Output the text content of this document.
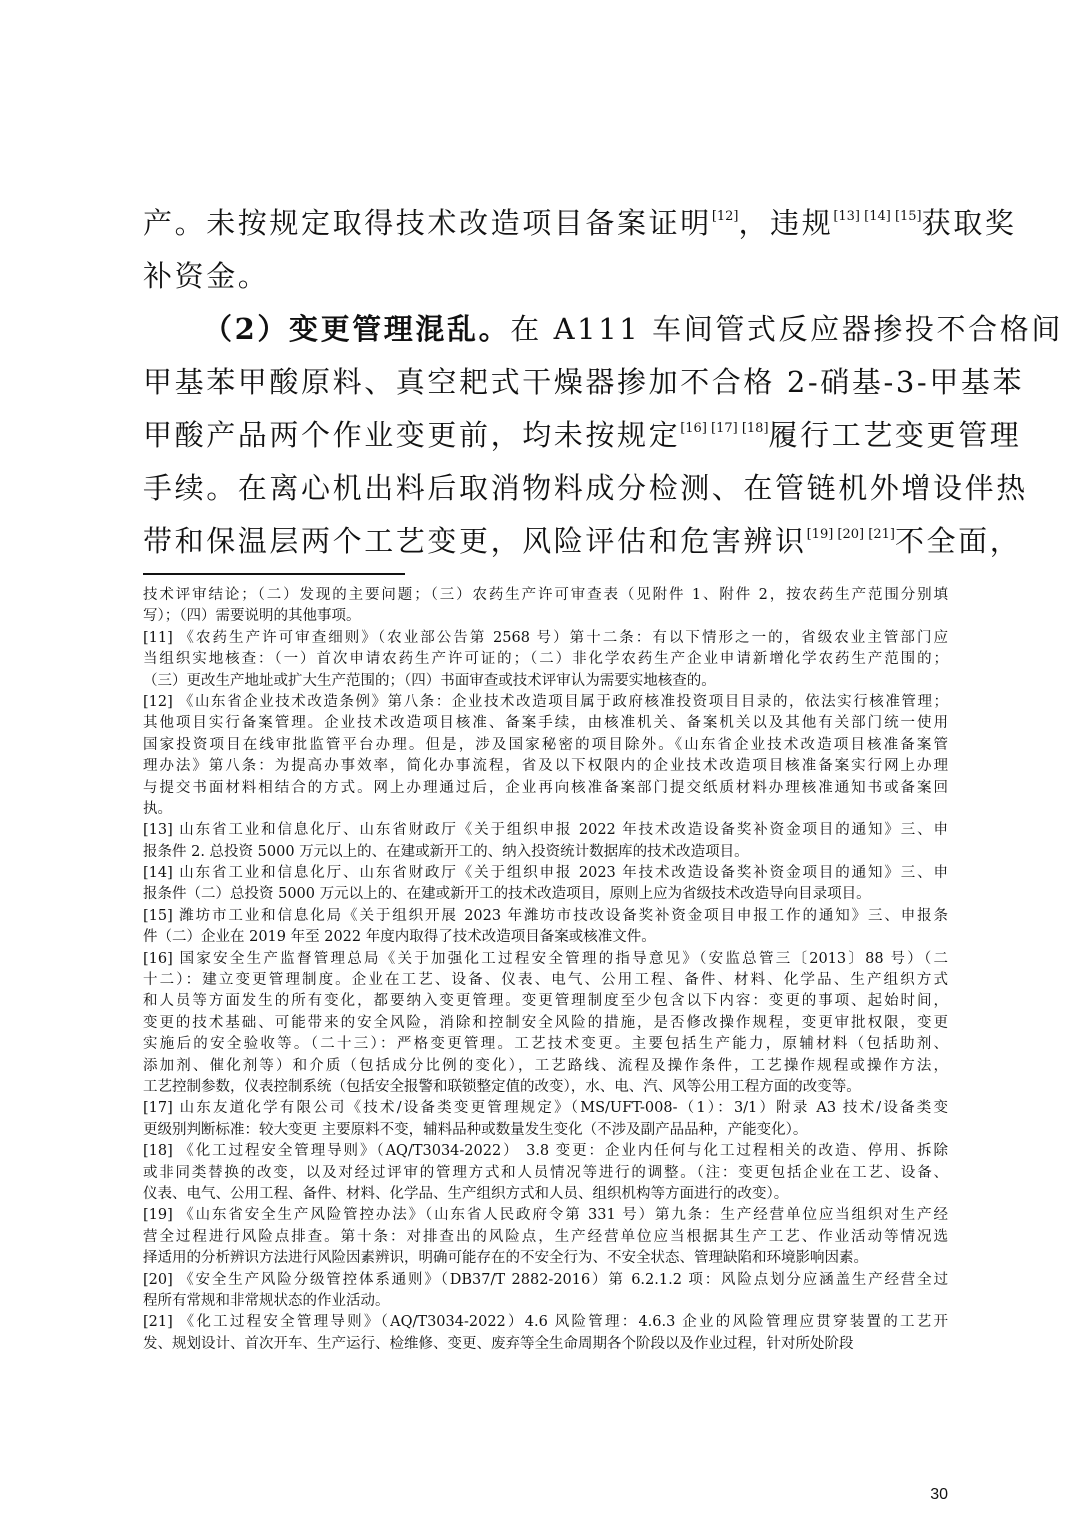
产。未按规定取得技术改造项目备案证明[12]，违规[13] [14] [15]获取奖
补资金。
（2）变更管理混乱。在 A111 车间管式反应器掺投不合格间
甲基苯甲酸原料、真空耙式干燥器掺加不合格 2-硝基-3-甲基苯
甲酸产品两个作业变更前，均未按规定[16] [17] [18]履行工艺变更管理
手续。在离心机出料后取消物料成分检测、在管链机外增设伴热
带和保温层两个工艺变更，风险评估和危害辨识[19] [20] [21]不全面，
技术评审结论；（二）发现的主要问题；（三）农药生产许可审查表（见附件 1、附件 2，按农药生产范围分别填
写）；（四）需要说明的其他事项。
[11] 《农药生产许可审查细则》（农业部公告第 2568 号）第十二条：有以下情形之一的，省级农业主管部门应
当组织实地核查：（一）首次申请农药生产许可证的；（二）非化学农药生产企业申请新增化学农药生产范围的；
（三）更改生产地址或扩大生产范围的；（四）书面审查或技术评审认为需要实地核查的。
[12] 《山东省企业技术改造条例》第八条：企业技术改造项目属于政府核准投资项目目录的，依法实行核准管理；
其他项目实行备案管理。企业技术改造项目核准、备案手续，由核准机关、备案机关以及其他有关部门统一使用
国家投资项目在线审批监管平台办理。但是，涉及国家秘密的项目除外。《山东省企业技术改造项目核准备案管
理办法》第八条：为提高办事效率，简化办事流程，省及以下权限内的企业技术改造项目核准备案实行网上办理
与提交书面材料相结合的方式。网上办理通过后，企业再向核准备案部门提交纸质材料办理核准通知书或备案回
执。
[13] 山东省工业和信息化厅、山东省财政厅《关于组织申报 2022 年技术改造设备奖补资金项目的通知》三、申
报条件 2. 总投资 5000 万元以上的、在建或新开工的、纳入投资统计数据库的技术改造项目。
[14] 山东省工业和信息化厅、山东省财政厅《关于组织申报 2023 年技术改造设备奖补资金项目的通知》三、申
报条件（二）总投资 5000 万元以上的、在建或新开工的技术改造项目，原则上应为省级技术改造导向目录项目。
[15] 潍坊市工业和信息化局《关于组织开展 2023 年潍坊市技改设备奖补资金项目申报工作的通知》三、申报条
件（二）企业在 2019 年至 2022 年度内取得了技术改造项目备案或核准文件。
[16] 国家安全生产监督管理总局《关于加强化工过程安全管理的指导意见》（安监总管三〔2013〕88 号）（二
十二）：建立变更管理制度。企业在工艺、设备、仪表、电气、公用工程、备件、材料、化学品、生产组织方式
和人员等方面发生的所有变化，都要纳入变更管理。变更管理制度至少包含以下内容：变更的事项、起始时间，
变更的技术基础、可能带来的安全风险，消除和控制安全风险的措施，是否修改操作规程，变更审批权限，变更
实施后的安全验收等。（二十三）：严格变更管理。工艺技术变更。主要包括生产能力，原辅材料（包括助剂、
添加剂、催化剂等）和介质（包括成分比例的变化），工艺路线、流程及操作条件，工艺操作规程或操作方法，
工艺控制参数，仪表控制系统（包括安全报警和联锁整定值的改变），水、电、汽、风等公用工程方面的改变等。
[17] 山东友道化学有限公司《技术/设备类变更管理规定》（MS/UFT-008-（1）：3/1）附录 A3 技术/设备类变
更级别判断标准：较大变更 主要原料不变，辅料品种或数量发生变化（不涉及副产品品种，产能变化）。
[18] 《化工过程安全管理导则》（AQ/T3034-2022） 3.8 变更：企业内任何与化工过程相关的改造、停用、拆除
或非同类替换的改变，以及对经过评审的管理方式和人员情况等进行的调整。（注：变更包括企业在工艺、设备、
仪表、电气、公用工程、备件、材料、化学品、生产组织方式和人员、组织机构等方面进行的改变）。
[19] 《山东省安全生产风险管控办法》（山东省人民政府令第 331 号）第九条：生产经营单位应当组织对生产经
营全过程进行风险点排查。第十条：对排查出的风险点，生产经营单位应当根据其生产工艺、作业活动等情况选
择适用的分析辨识方法进行风险因素辨识，明确可能存在的不安全行为、不安全状态、管理缺陷和环境影响因素。
[20] 《安全生产风险分级管控体系通则》（DB37/T 2882-2016）第 6.2.1.2 项：风险点划分应涵盖生产经营全过
程所有常规和非常规状态的作业活动。
[21] 《化工过程安全管理导则》（AQ/T3034-2022）4.6 风险管理：4.6.3 企业的风险管理应贯穿装置的工艺开
发、规划设计、首次开车、生产运行、检维修、变更、废弃等全生命周期各个阶段以及作业过程，针对所处阶段
30
